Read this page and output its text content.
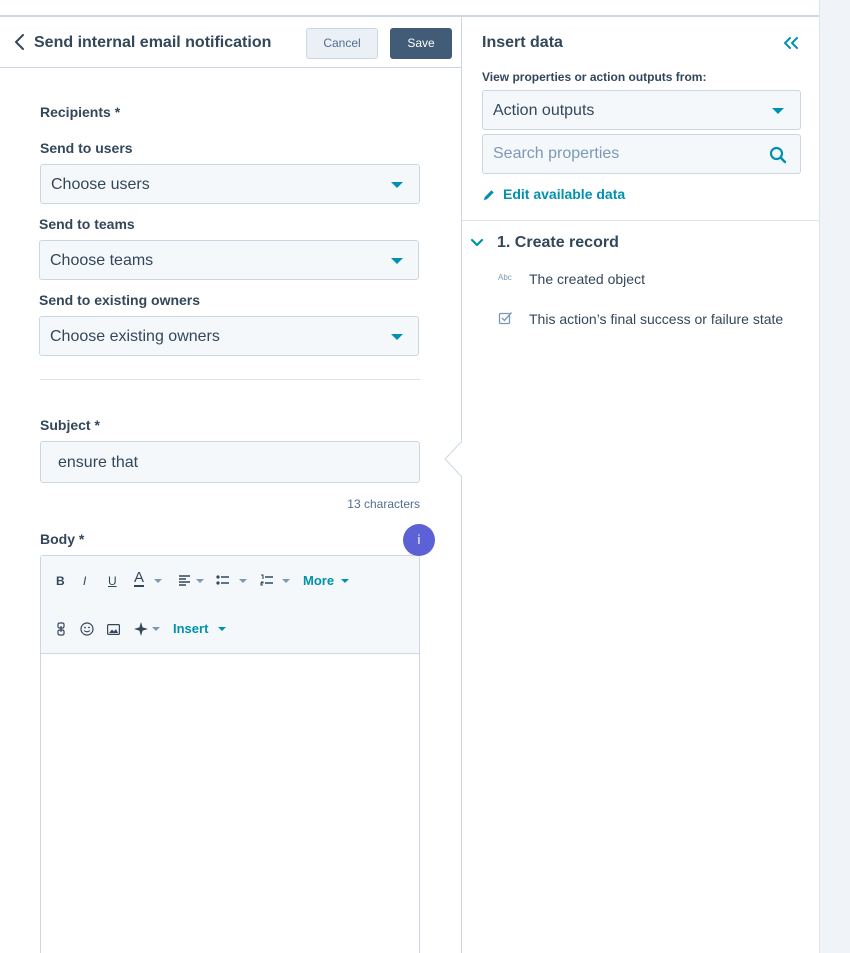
Send internal email notification	Cancel	Save
Recipients *
Send to users
Choose users
Send to teams
Choose teams
Send to existing owners
Choose existing owners
Subject *
ensure that
13 characters
Body *
B I U A	More
Insert
i
Insert data
View properties or action outputs from:
Action outputs
Search properties
Edit available data
1. Create record
Abc The created object
This action’s final success or failure state
